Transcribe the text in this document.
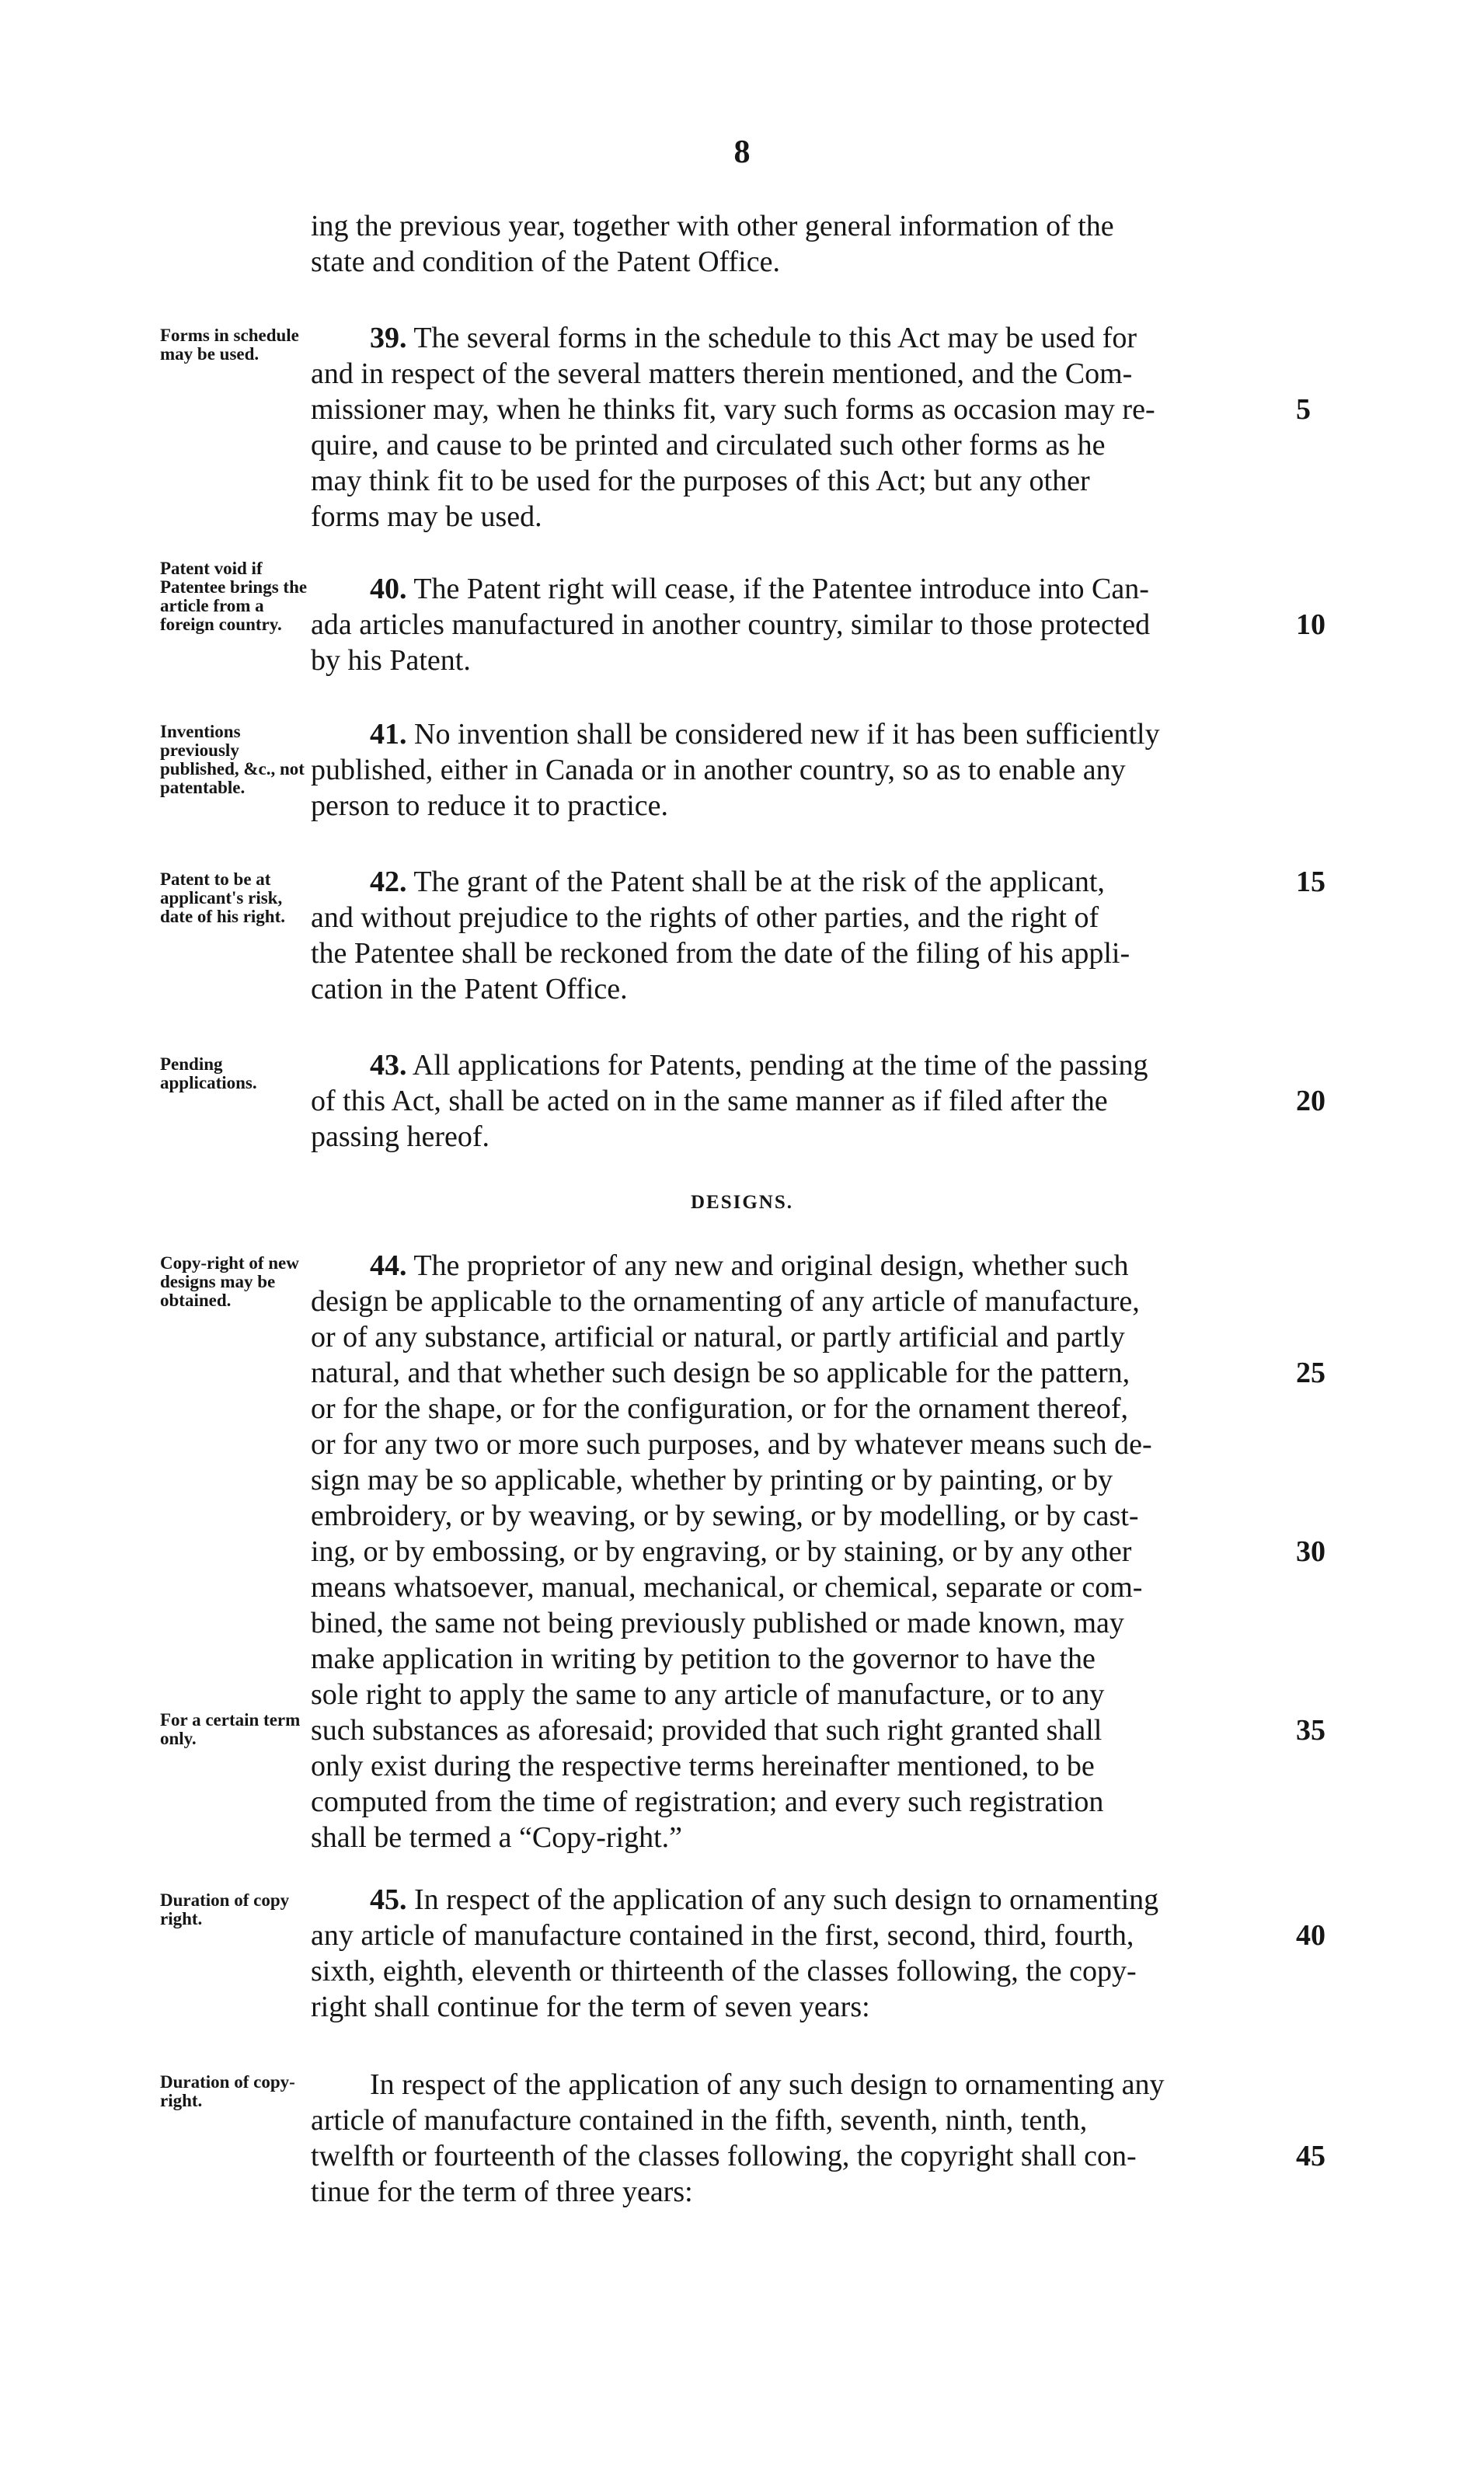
8
ing the previous year, together with other general information of the
state and condition of the Patent Office.
Forms in schedule may be used.
  	39. The several forms in the schedule to this Act may be used for
and in respect of the several matters therein mentioned, and the Com-
missioner may, when he thinks fit, vary such forms as occasion may re-
quire, and cause to be printed and circulated such other forms as he
may think fit to be used for the purposes of this Act; but any other
forms may be used.
5
Patent void if Patentee brings the article from a foreign country.
  40. The Patent right will cease, if the Patentee introduce into Can-
ada articles manufactured in another country, similar to those protected
by his Patent.
10
Inventions previously published, &c., not patentable.
  41. No invention shall be considered new if it has been sufficiently
published, either in Canada or in another country, so as to enable any
person to reduce it to practice.
Patent to be at applicant's risk, date of his right.
  42. The grant of the Patent shall be at the risk of the applicant,
and without prejudice to the rights of other parties, and the right of
the Patentee shall be reckoned from the date of the filing of his appli-
cation in the Patent Office.
15
Pending applications.
  43. All applications for Patents, pending at the time of the passing
of this Act, shall be acted on in the same manner as if filed after the
passing hereof.
20
DESIGNS.
Copy-right of new designs may be obtained.
For a certain term only.
  44. The proprietor of any new and original design, whether such
design be applicable to the ornamenting of any article of manufacture,
or of any substance, artificial or natural, or partly artificial and partly
natural, and that whether such design be so applicable for the pattern,
or for the shape, or for the configuration, or for the ornament thereof,
or for any two or more such purposes, and by whatever means such de-
sign may be so applicable, whether by printing or by painting, or by
embroidery, or by weaving, or by sewing, or by modelling, or by cast-
ing, or by embossing, or by engraving, or by staining, or by any other
means whatsoever, manual, mechanical, or chemical, separate or com-
bined, the same not being previously published or made known, may
make application in writing by petition to the governor to have the
sole right to apply the same to any article of manufacture, or to any
such substances as aforesaid; provided that such right granted shall
only exist during the respective terms hereinafter mentioned, to be
computed from the time of registration; and every such registration
shall be termed a “Copy-right.”
25
30
35
Duration of copy right.
  45. In respect of the application of any such design to ornamenting
any article of manufacture contained in the first, second, third, fourth,
sixth, eighth, eleventh or thirteenth of the classes following, the copy-
right shall continue for the term of seven years:
40
Duration of copy-right.
  	In respect of the application of any such design to ornamenting any
article of manufacture contained in the fifth, seventh, ninth, tenth,
twelfth or fourteenth of the classes following, the copyright shall con-
tinue for the term of three years:
45
